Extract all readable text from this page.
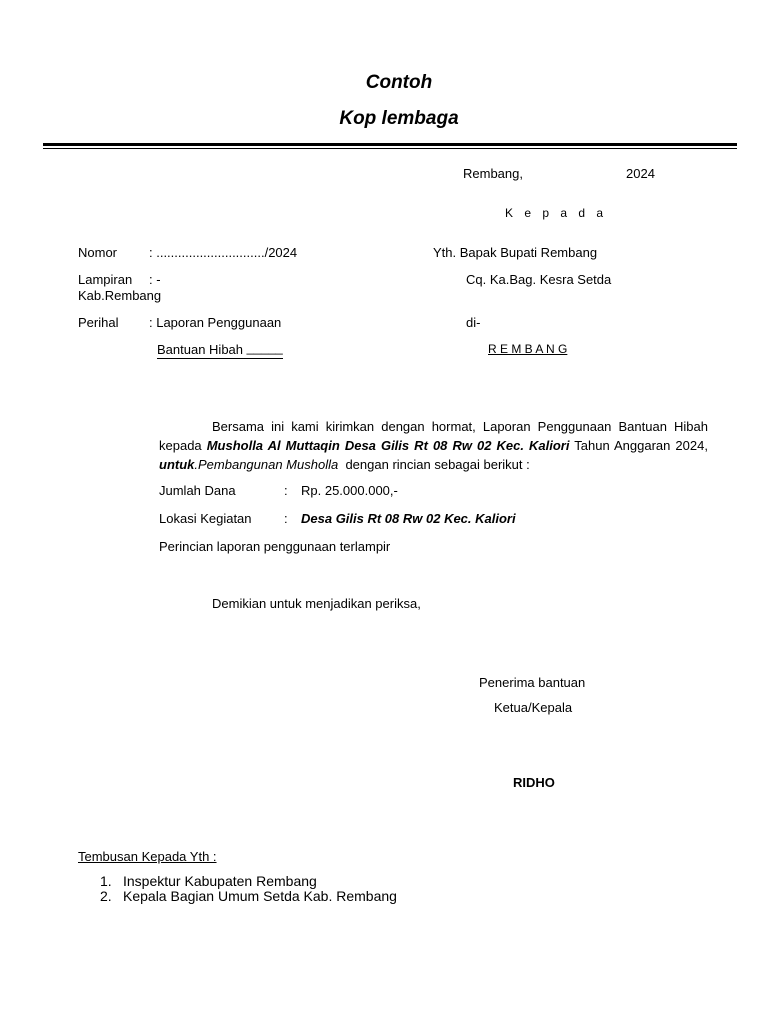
Contoh
Kop lembaga
Rembang,	2024
K e p a d a
Nomor : ............................../2024
Lampiran : -
Kab.Rembang
Perihal : Laporan Penggunaan
Bantuan Hibah _____
Yth. Bapak Bupati Rembang
Cq. Ka.Bag. Kesra Setda
di-
R E M B A N G
Bersama ini kami kirimkan dengan hormat, Laporan Penggunaan Bantuan Hibah kepada Musholla Al Muttaqin Desa Gilis Rt 08 Rw 02 Kec. Kaliori Tahun Anggaran 2024, untuk.Pembangunan Musholla dengan rincian sebagai berikut :
Jumlah Dana	: Rp. 25.000.000,-
Lokasi Kegiatan : Desa Gilis Rt 08 Rw 02 Kec. Kaliori
Perincian laporan penggunaan terlampir
Demikian untuk menjadikan periksa,
Penerima bantuan
Ketua/Kepala
RIDHO
Tembusan Kepada Yth :
1. Inspektur Kabupaten Rembang
2. Kepala Bagian Umum Setda Kab. Rembang
